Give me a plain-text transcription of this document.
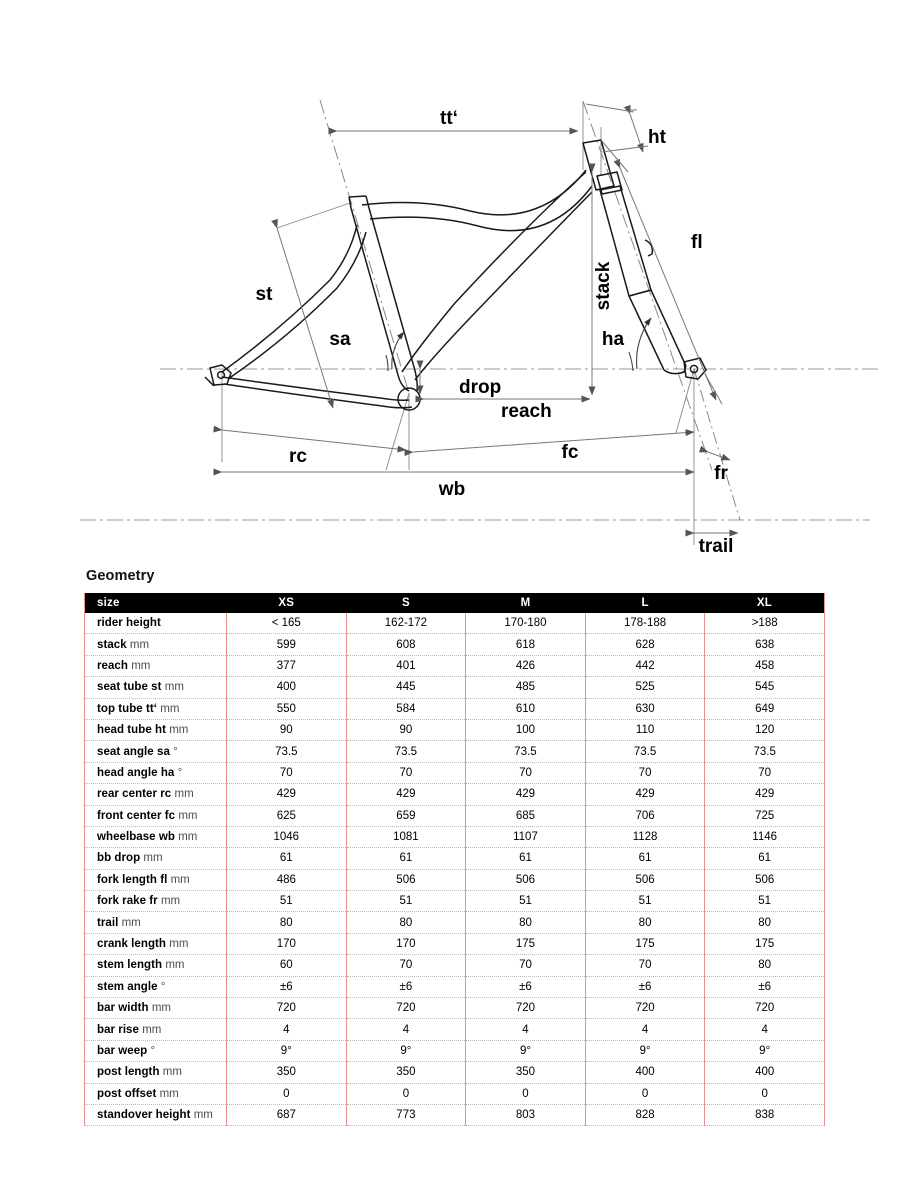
tt‘
ht
fl
st	stack
sa	ha
drop
reach
rc	fc
wb
fr
trail
Geometry
size	XS	S	M	L	XL
rider height	< 165	162-172	170-180	178-188	>188
stack mm	599	608	618	628	638
reach mm	377	401	426	442	458
seat tube st mm	400	445	485	525	545
top tube tt‘ mm	550	584	610	630	649
head tube ht mm	90	90	100	110	120
seat angle sa °	73.5	73.5	73.5	73.5	73.5
head angle ha °	70	70	70	70	70
rear center rc mm	429	429	429	429	429
front center fc mm	625	659	685	706	725
wheelbase wb mm	1046	1081	1107	1128	1146
bb drop mm	61	61	61	61	61
fork length fl mm	486	506	506	506	506
fork rake fr mm	51	51	51	51	51
trail mm	80	80	80	80	80
crank length mm	170	170	175	175	175
stem length mm	60	70	70	70	80
stem angle °	±6	±6	±6	±6	±6
bar width mm	720	720	720	720	720
bar rise mm	4	4	4	4	4
bar weep °	9°	9°	9°	9°	9°
post length mm	350	350	350	400	400
post offset mm	0	0	0	0	0
standover height mm	687	773	803	828	838
